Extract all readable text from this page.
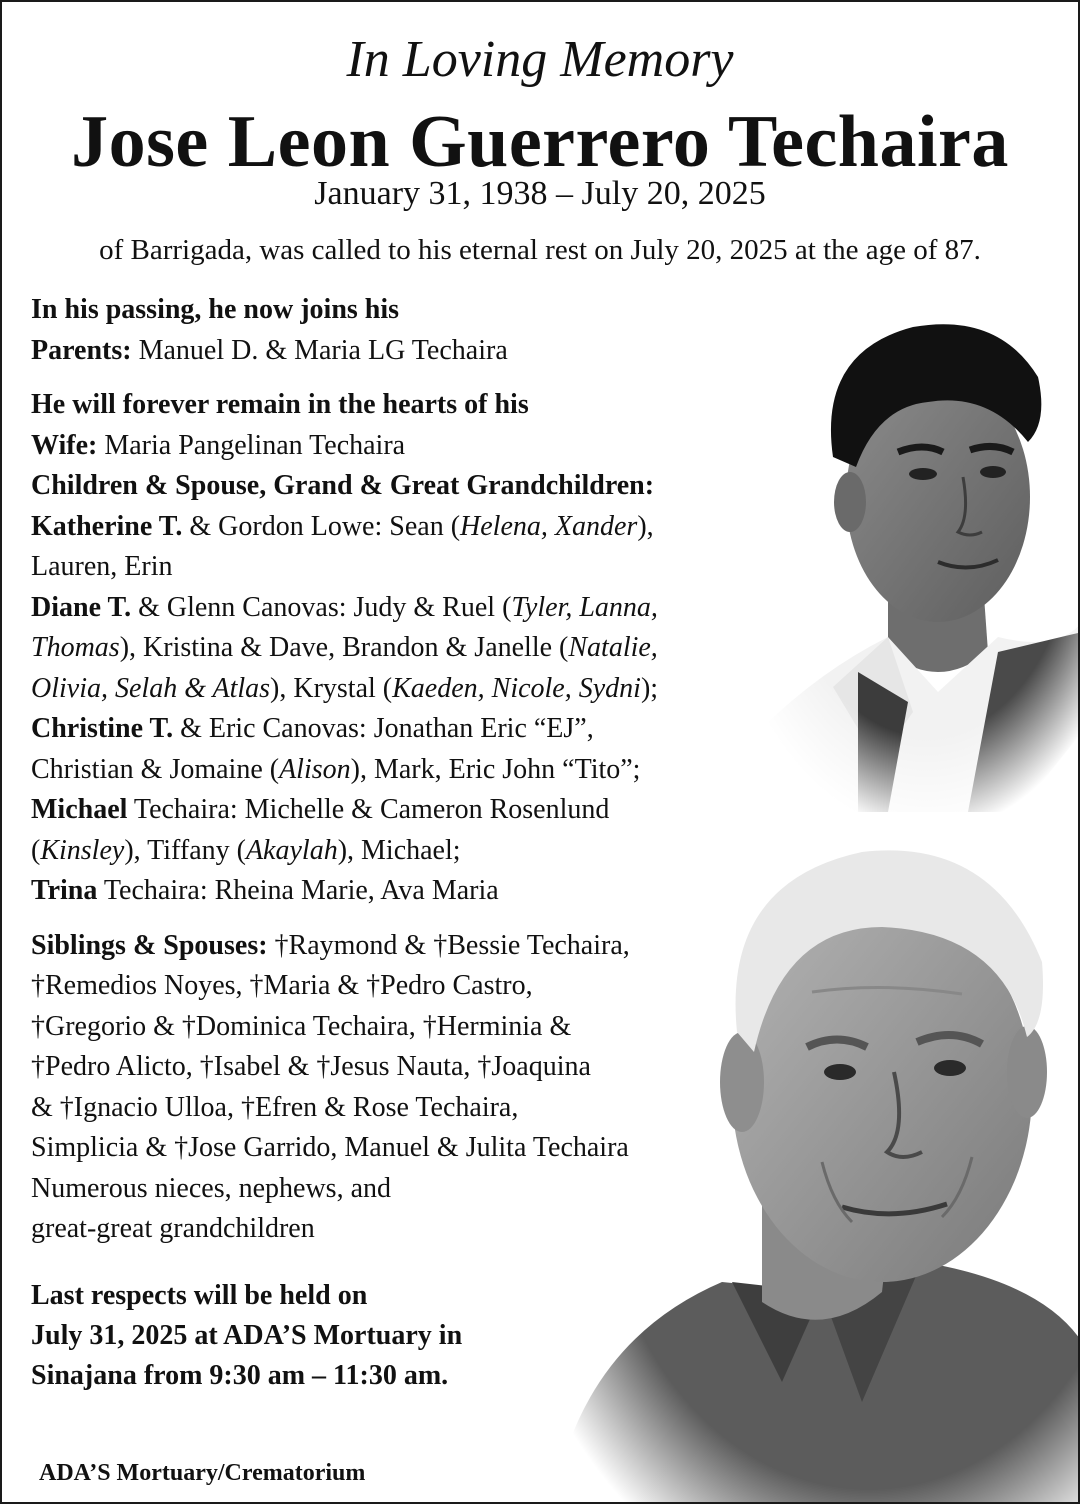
In Loving Memory
Jose Leon Guerrero Techaira
January 31, 1938 – July 20, 2025
of Barrigada, was called to his eternal rest on July 20, 2025 at the age of 87.

In his passing, he now joins his

Parents: Manuel D. & Maria LG Techaira

He will forever remain in the hearts of his

Wife: Maria Pangelinan Techaira

Children & Spouse, Grand & Great Grandchildren:

Katherine T. & Gordon Lowe: Sean (Helena, Xander),

Lauren, Erin

Diane T. & Glenn Canovas: Judy & Ruel (Tyler, Lanna,

Thomas), Kristina & Dave, Brandon & Janelle (Natalie,

Olivia, Selah & Atlas), Krystal (Kaeden, Nicole, Sydni);

Christine T. & Eric Canovas: Jonathan Eric “EJ”,

Christian & Jomaine (Alison), Mark, Eric John “Tito”;

Michael Techaira: Michelle & Cameron Rosenlund

(Kinsley), Tiffany (Akaylah), Michael;

Trina Techaira: Rheina Marie, Ava Maria

Siblings & Spouses: †Raymond & †Bessie Techaira,

†Remedios Noyes, †Maria & †Pedro Castro,

†Gregorio & †Dominica Techaira, †Herminia &

†Pedro Alicto, †Isabel & †Jesus Nauta, †Joaquina

& †Ignacio Ulloa, †Efren & Rose Techaira,

Simplicia & †Jose Garrido, Manuel & Julita Techaira

Numerous nieces, nephews, and

great-great grandchildren

Last respects will be held on

July 31, 2025 at ADA’S Mortuary in

Sinajana from 9:30 am – 11:30 am.

ADA’S Mortuary/Crematorium
